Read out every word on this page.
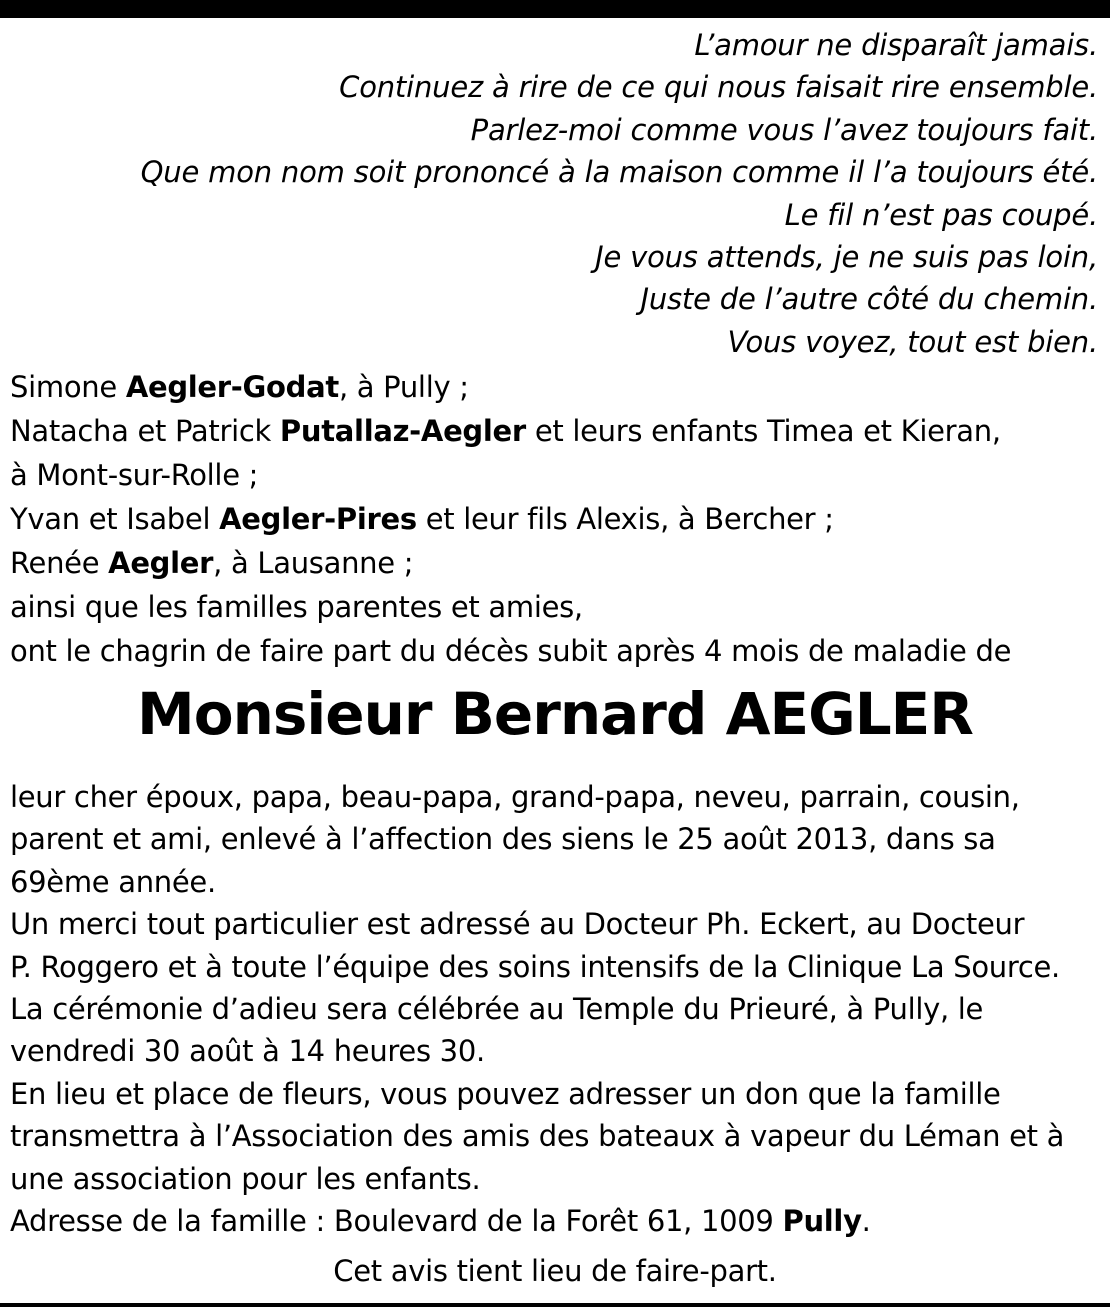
L’amour ne disparaît jamais.
Continuez à rire de ce qui nous faisait rire ensemble.
Parlez-moi comme vous l’avez toujours fait.
Que mon nom soit prononcé à la maison comme il l’a toujours été.
Le fil n’est pas coupé.
Je vous attends, je ne suis pas loin,
Juste de l’autre côté du chemin.
Vous voyez, tout est bien.
Simone Aegler-Godat, à Pully ;
Natacha et Patrick Putallaz-Aegler et leurs enfants Timea et Kieran,
à Mont-sur-Rolle ;
Yvan et Isabel Aegler-Pires et leur fils Alexis, à Bercher ;
Renée Aegler, à Lausanne ;
ainsi que les familles parentes et amies,
ont le chagrin de faire part du décès subit après 4 mois de maladie de
Monsieur Bernard AEGLER
leur cher époux, papa, beau-papa, grand-papa, neveu, parrain, cousin,
parent et ami, enlevé à l’affection des siens le 25 août 2013, dans sa
69ème année.
Un merci tout particulier est adressé au Docteur Ph. Eckert, au Docteur
P. Roggero et à toute l’équipe des soins intensifs de la Clinique La Source.
La cérémonie d’adieu sera célébrée au Temple du Prieuré, à Pully, le
vendredi 30 août à 14 heures 30.
En lieu et place de fleurs, vous pouvez adresser un don que la famille
transmettra à l’Association des amis des bateaux à vapeur du Léman et à
une association pour les enfants.
Adresse de la famille : Boulevard de la Forêt 61, 1009 Pully.
Cet avis tient lieu de faire-part.
